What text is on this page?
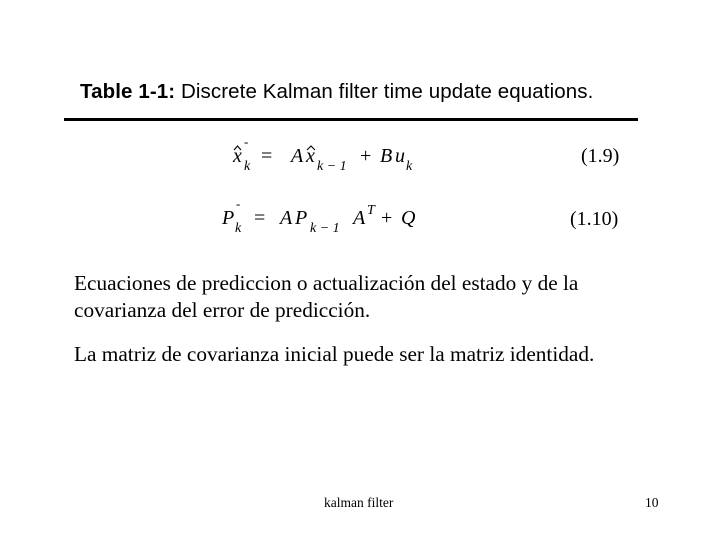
Table 1-1: Discrete Kalman filter time update equations.
x
-
k = A x k − 1 + B u k	(1.9)
P
-
k = A P k − 1 A T + Q	(1.10)
Ecuaciones de prediccion o actualización del estado y de la
covarianza del error de predicción.
La matriz de covarianza inicial puede ser la matriz identidad.
kalman filter	10
